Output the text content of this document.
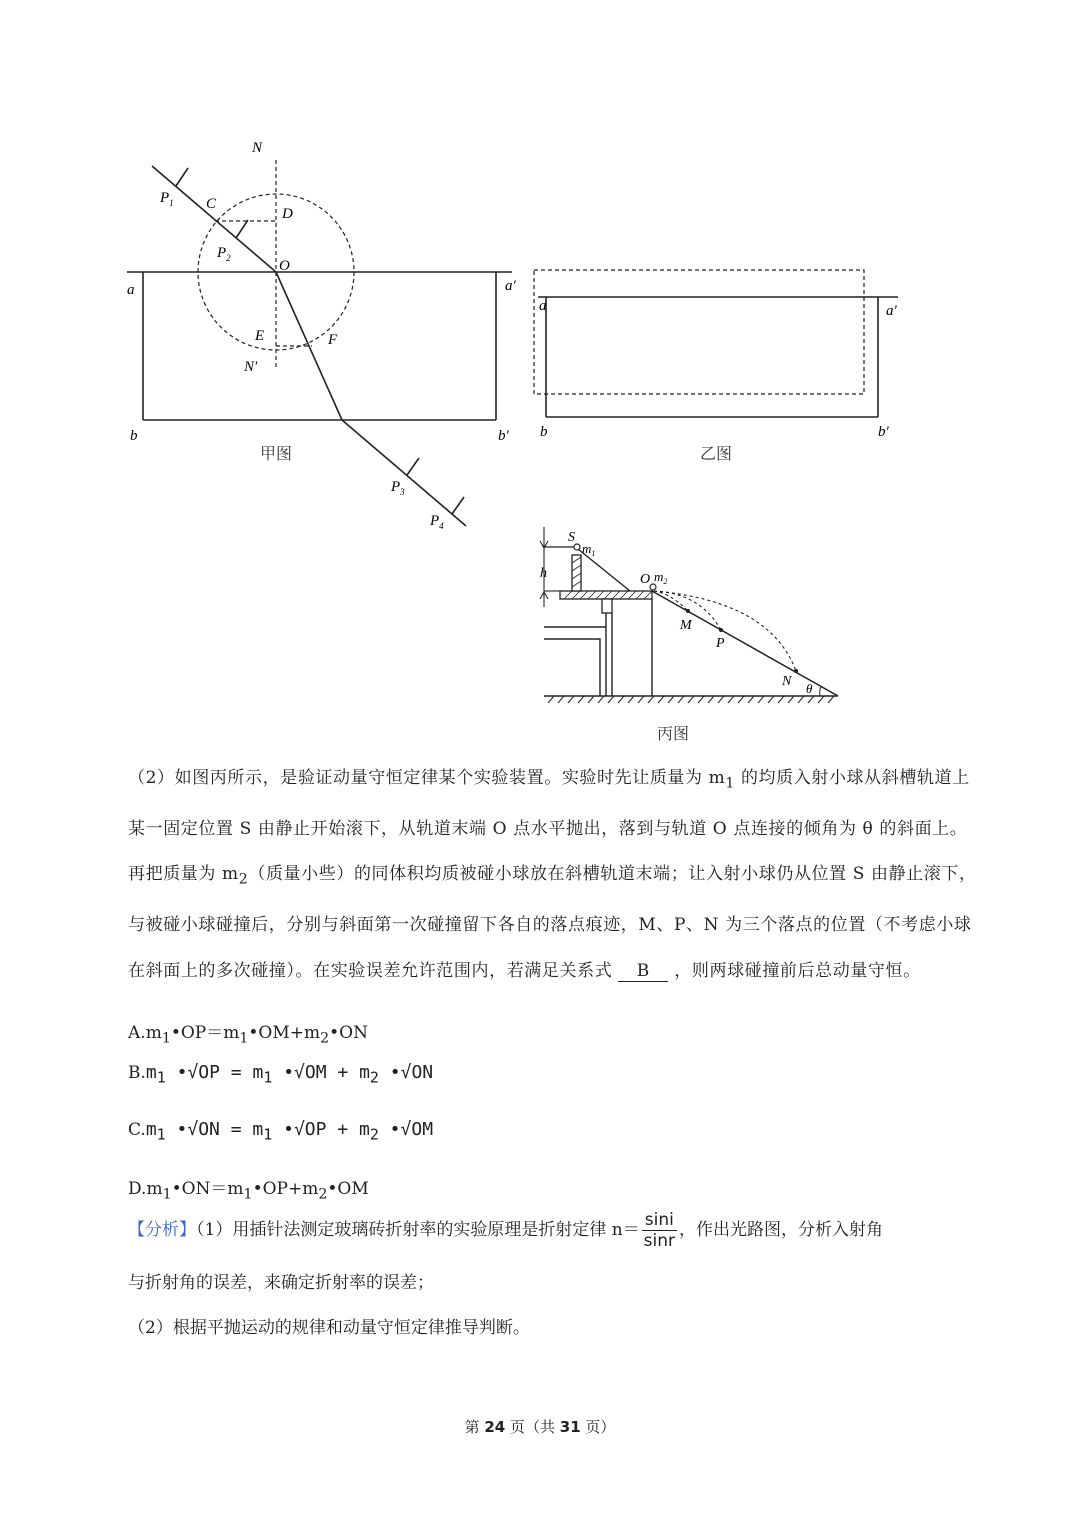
N
$P_1$ C
D
$P_2$	O
a	a′
E	F
N′
b	b′
$P_3$
$P_4$
甲图
a	a′
b	b′
乙图
S
$m_1$
h	O $m_2$
M
P
N θ
丙图
（2）如图丙所示，是验证动量守恒定律某个实验装置。实验时先让质量为 $m_1$ 的均质入射小球从斜槽轨道上某一固定位置 S 由静止开始滚下，从轨道末端 O 点水平抛出，落到与轨道 O 点连接的倾角为 θ 的斜面上。再把质量为 $m_2$（质量小些）的同体积均质被碰小球放在斜槽轨道末端；让入射小球仍从位置 S 由静止滚下，与被碰小球碰撞后，分别与斜面第一次碰撞留下各自的落点痕迹，M、P、N 为三个落点的位置（不考虑小球在斜面上的多次碰撞）。在实验误差允许范围内，若满足关系式 B ，则两球碰撞前后总动量守恒。
$A.m_1•OP=m_1•OM+m_2•ON$
$B.m_1$ •√OP = $m_1$ •√OM + $m_2$ •√ON
$C.m_1$ •√ON = $m_1$ •√OP + $m_2$ •√OM
$D.m_1•ON=m_1•OP+m_2•OM$
【分析】（1）用插针法测定玻璃砖折射率的实验原理是折射定律 $n= \frac{\sin i}{\sin r}$ ，作出光路图，分析入射角
与折射角的误差，来确定折射率的误差；
（2）根据平抛运动的规律和动量守恒定律推导判断。
第 24 页（共 31 页）
